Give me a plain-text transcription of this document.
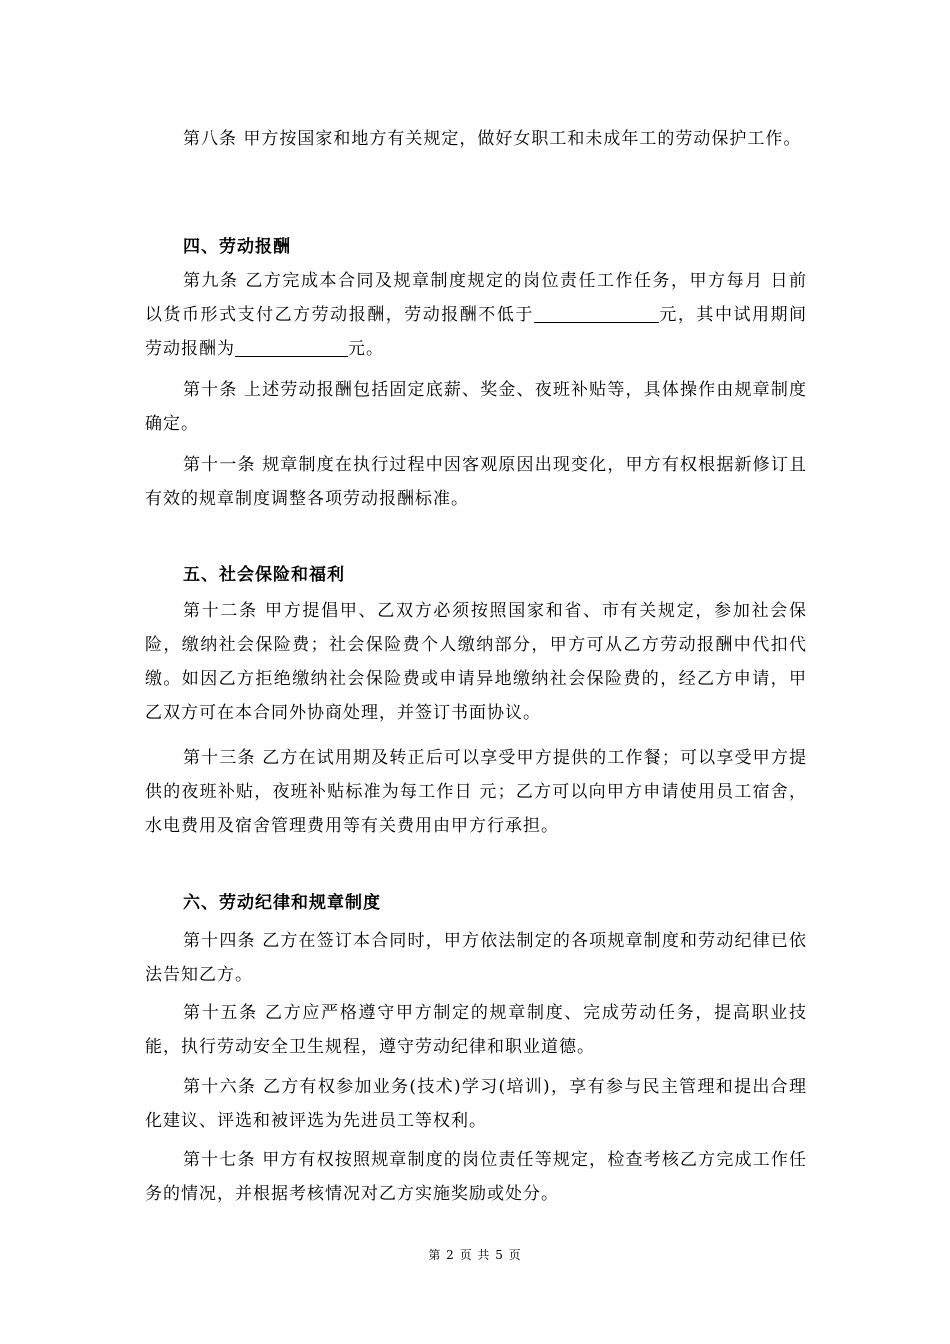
第八条 甲方按国家和地方有关规定，做好女职工和未成年工的劳动保护工作。

四、劳动报酬

第九条 乙方完成本合同及规章制度规定的岗位责任工作任务，甲方每月 日前以货币形式支付乙方劳动报酬，劳动报酬不低于	元，其中试用期间劳动报酬为	元。

第十条 上述劳动报酬包括固定底薪、奖金、夜班补贴等，具体操作由规章制度确定。

第十一条 规章制度在执行过程中因客观原因出现变化，甲方有权根据新修订且有效的规章制度调整各项劳动报酬标准。

五、社会保险和福利

第十二条 甲方提倡甲、乙双方必须按照国家和省、市有关规定，参加社会保险，缴纳社会保险费；社会保险费个人缴纳部分，甲方可从乙方劳动报酬中代扣代缴。如因乙方拒绝缴纳社会保险费或申请异地缴纳社会保险费的，经乙方申请，甲乙双方可在本合同外协商处理，并签订书面协议。

第十三条 乙方在试用期及转正后可以享受甲方提供的工作餐；可以享受甲方提供的夜班补贴，夜班补贴标准为每工作日 元；乙方可以向甲方申请使用员工宿舍，水电费用及宿舍管理费用等有关费用由甲方行承担。

六、劳动纪律和规章制度

第十四条 乙方在签订本合同时，甲方依法制定的各项规章制度和劳动纪律已依法告知乙方。

第十五条 乙方应严格遵守甲方制定的规章制度、完成劳动任务，提高职业技能，执行劳动安全卫生规程，遵守劳动纪律和职业道德。

第十六条 乙方有权参加业务(技术)学习(培训)，享有参与民主管理和提出合理化建议、评选和被评选为先进员工等权利。

第十七条 甲方有权按照规章制度的岗位责任等规定，检查考核乙方完成工作任务的情况，并根据考核情况对乙方实施奖励或处分。

第 2 页 共 5 页
